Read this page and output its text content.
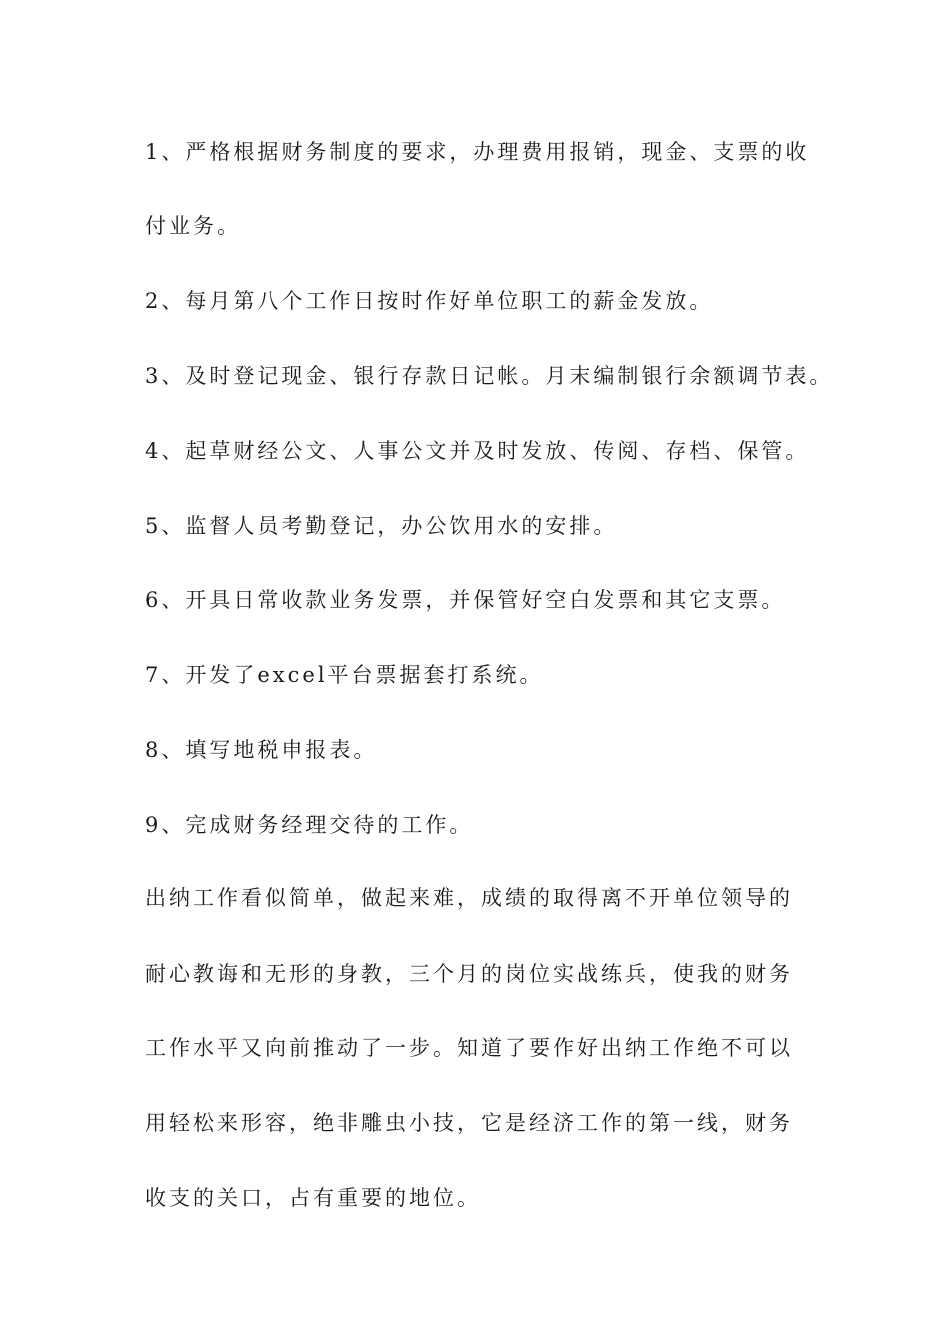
1、严格根据财务制度的要求，办理费用报销，现金、支票的收
付业务。
2、每月第八个工作日按时作好单位职工的薪金发放。
3、及时登记现金、银行存款日记帐。月末编制银行余额调节表。
4、起草财经公文、人事公文并及时发放、传阅、存档、保管。
5、监督人员考勤登记，办公饮用水的安排。
6、开具日常收款业务发票，并保管好空白发票和其它支票。
7、开发了excel平台票据套打系统。
8、填写地税申报表。
9、完成财务经理交待的工作。
出纳工作看似简单，做起来难，成绩的取得离不开单位领导的
耐心教诲和无形的身教，三个月的岗位实战练兵，使我的财务
工作水平又向前推动了一步。知道了要作好出纳工作绝不可以
用轻松来形容，绝非雕虫小技，它是经济工作的第一线，财务
收支的关口，占有重要的地位。
